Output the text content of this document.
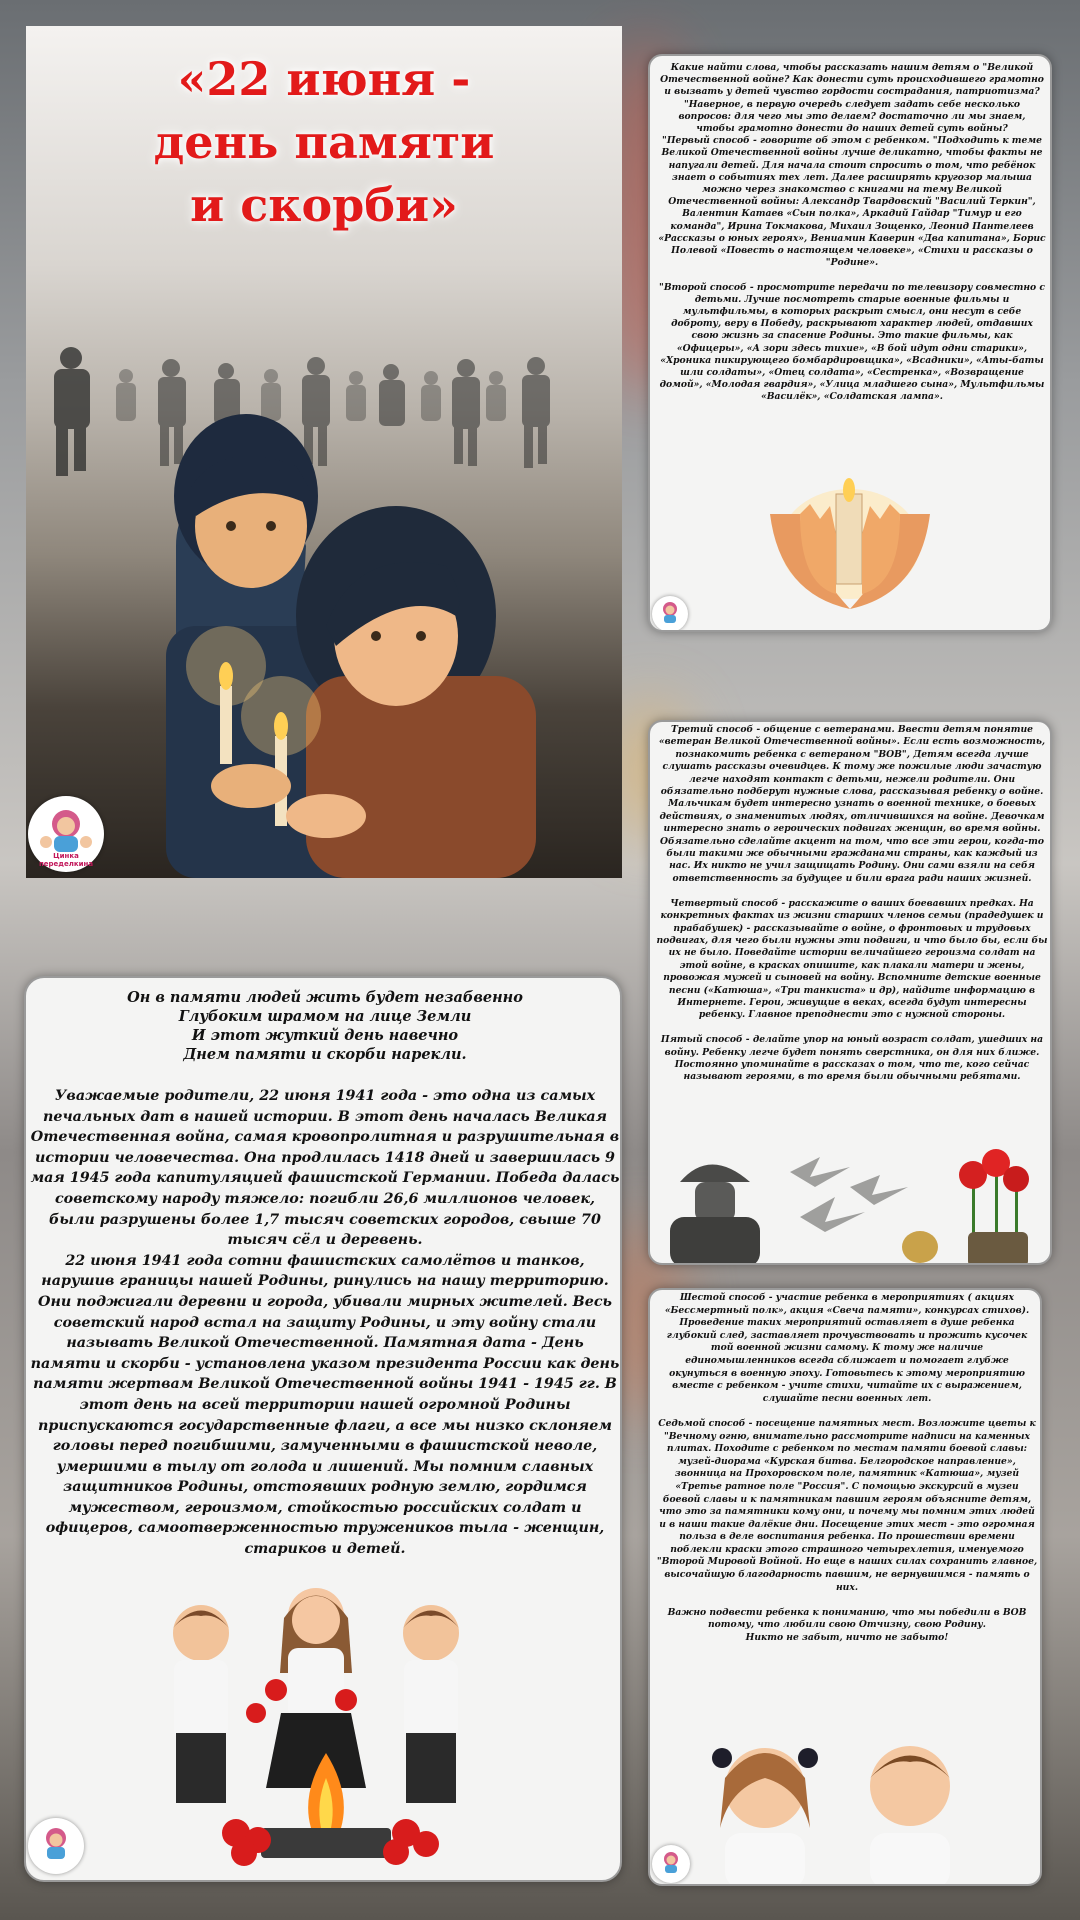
«22 июня -
день памяти
и скорби»
Цинка переделкина
Какие найти слова, чтобы рассказать нашим детям о "Великой Отечественной войне? Как донести суть происходившего грамотно и вызвать у детей чувство гордости сострадания, патриотизма? "Наверное, в первую очередь следует задать себе несколько вопросов: для чего мы это делаем? достаточно ли мы знаем, чтобы грамотно донести до наших детей суть войны?
"Первый способ - говорите об этом с ребенком. "Подходить к теме Великой Отечественной войны лучше деликатно, чтобы факты не напугали детей. Для начала стоит спросить о том, что ребёнок знает о событиях тех лет. Далее расширять кругозор малыша можно через знакомство с книгами на тему Великой Отечественной войны: Александр Твардовский "Василий Теркин", Валентин Катаев «Сын полка», Аркадий Гайдар "Тимур и его команда", Ирина Токмакова, Михаил Зощенко, Леонид Пантелеев «Рассказы о юных героях», Вениамин Каверин «Два капитана», Борис Полевой «Повесть о настоящем человеке», «Стихи и рассказы о "Родине».

"Второй способ - просмотрите передачи по телевизору совместно с детьми. Лучше посмотреть старые военные фильмы и мультфильмы, в которых раскрыт смысл, они несут в себе доброту, веру в Победу, раскрывают характер людей, отдавших свою жизнь за спасение Родины. Это такие фильмы, как «Офицеры», «А зори здесь тихие», «В бой идут одни старики», «Хроника пикирующего бомбардировщика», «Всадники», «Аты-баты шли солдаты», «Отец солдата», «Сестренка», «Возвращение домой», «Молодая гвардия», «Улица младшего сына», Мультфильмы «Василёк», «Солдатская лампа».
Третий способ - общение с ветеранами. Ввести детям понятие «ветеран Великой Отечественной войны». Если есть возможность, познакомить ребенка с ветераном "ВОВ", Детям всегда лучше слушать рассказы очевидцев. К тому же пожилые люди зачастую легче находят контакт с детьми, нежели родители. Они обязательно подберут нужные слова, рассказывая ребенку о войне. Мальчикам будет интересно узнать о военной технике, о боевых действиях, о знаменитых людях, отличившихся на войне. Девочкам интересно знать о героических подвигах женщин, во время войны. Обязательно сделайте акцент на том, что все эти герои, когда-то были такими же обычными гражданами страны, как каждый из нас. Их никто не учил защищать Родину. Они сами взяли на себя ответственность за будущее и били врага ради наших жизней.

Четвертый способ - расскажите о ваших боевавших предках. На конкретных фактах из жизни старших членов семьи (прадедушек и прабабушек) - рассказывайте о войне, о фронтовых и трудовых подвигах, для чего были нужны эти подвиги, и что было бы, если бы их не было. Поведайте истории величайшего героизма солдат на этой войне, в красках опишите, как плакали матери и жены, провожая мужей и сыновей на войну. Вспомните детские военные песни («Катюша», «Три танкиста» и др), найдите информацию в Интернете. Герои, живущие в веках, всегда будут интересны ребенку. Главное преподнести это с нужной стороны.

Пятый способ - делайте упор на юный возраст солдат, ушедших на войну. Ребенку легче будет понять сверстника, он для них ближе. Постоянно упоминайте в рассказах о том, что те, кого сейчас называют героями, в то время были обычными ребятами.
Он в памяти людей жить будет незабвенно
Глубоким шрамом на лице Земли
И этот жуткий день навечно
Днем памяти и скорби нарекли.
Уважаемые родители, 22 июня 1941 года - это одна из самых печальных дат в нашей истории. В этот день началась Великая Отечественная война, самая кровопролитная и разрушительная в истории человечества. Она продлилась 1418 дней и завершилась 9 мая 1945 года капитуляцией фашистской Германии. Победа далась советскому народу тяжело: погибли 26,6 миллионов человек, были разрушены более 1,7 тысяч советских городов, свыше 70 тысяч сёл и деревень.
22 июня 1941 года сотни фашистских самолётов и танков, нарушив границы нашей Родины, ринулись на нашу территорию. Они поджигали деревни и города, убивали мирных жителей. Весь советский народ встал на защиту Родины, и эту войну стали называть Великой Отечественной. Памятная дата - День памяти и скорби - установлена указом президента России как день памяти жертвам Великой Отечественной войны 1941 - 1945 гг. В этот день на всей территории нашей огромной Родины приспускаются государственные флаги, а все мы низко склоняем головы перед погибшими, замученными в фашистской неволе, умершими в тылу от голода и лишений. Мы помним славных защитников Родины, отстоявших родную землю, гордимся мужеством, героизмом, стойкостью российских солдат и офицеров, самоотверженностью тружеников тыла - женщин, стариков и детей.
Шестой способ - участие ребенка в мероприятиях ( акциях «Бессмертный полк», акция «Свеча памяти», конкурсах стихов). Проведение таких мероприятий оставляет в душе ребенка глубокий след, заставляет прочувствовать и прожить кусочек той военной жизни самому. К тому же наличие единомышленников всегда сближает и помогает глубже окунуться в военную эпоху. Готовьтесь к этому мероприятию вместе с ребенком - учите стихи, читайте их с выражением, слушайте песни военных лет.

Седьмой способ - посещение памятных мест. Возложите цветы к "Вечному огню, внимательно рассмотрите надписи на каменных плитах. Походите с ребенком по местам памяти боевой славы: музей-диорама «Курская битва. Белгородское направление», звонница на Прохоровском поле, памятник «Катюша», музей «Третье ратное поле "Россия". С помощью экскурсий в музеи боевой славы и к памятникам павшим героям объясните детям, что это за памятники кому они, и почему мы помним этих людей и в наши такие далёкие дни. Посещение этих мест - это огромная польза в деле воспитания ребенка. По прошествии времени поблекли краски этого страшного четырехлетия, именуемого "Второй Мировой Войной. Но еще в наших силах сохранить главное, высочайшую благодарность павшим, не вернувшимся - память о них.

Важно подвести ребенка к пониманию, что мы победили в ВОВ потому, что любили свою Отчизну, свою Родину.
Никто не забыт, ничто не забыто!
